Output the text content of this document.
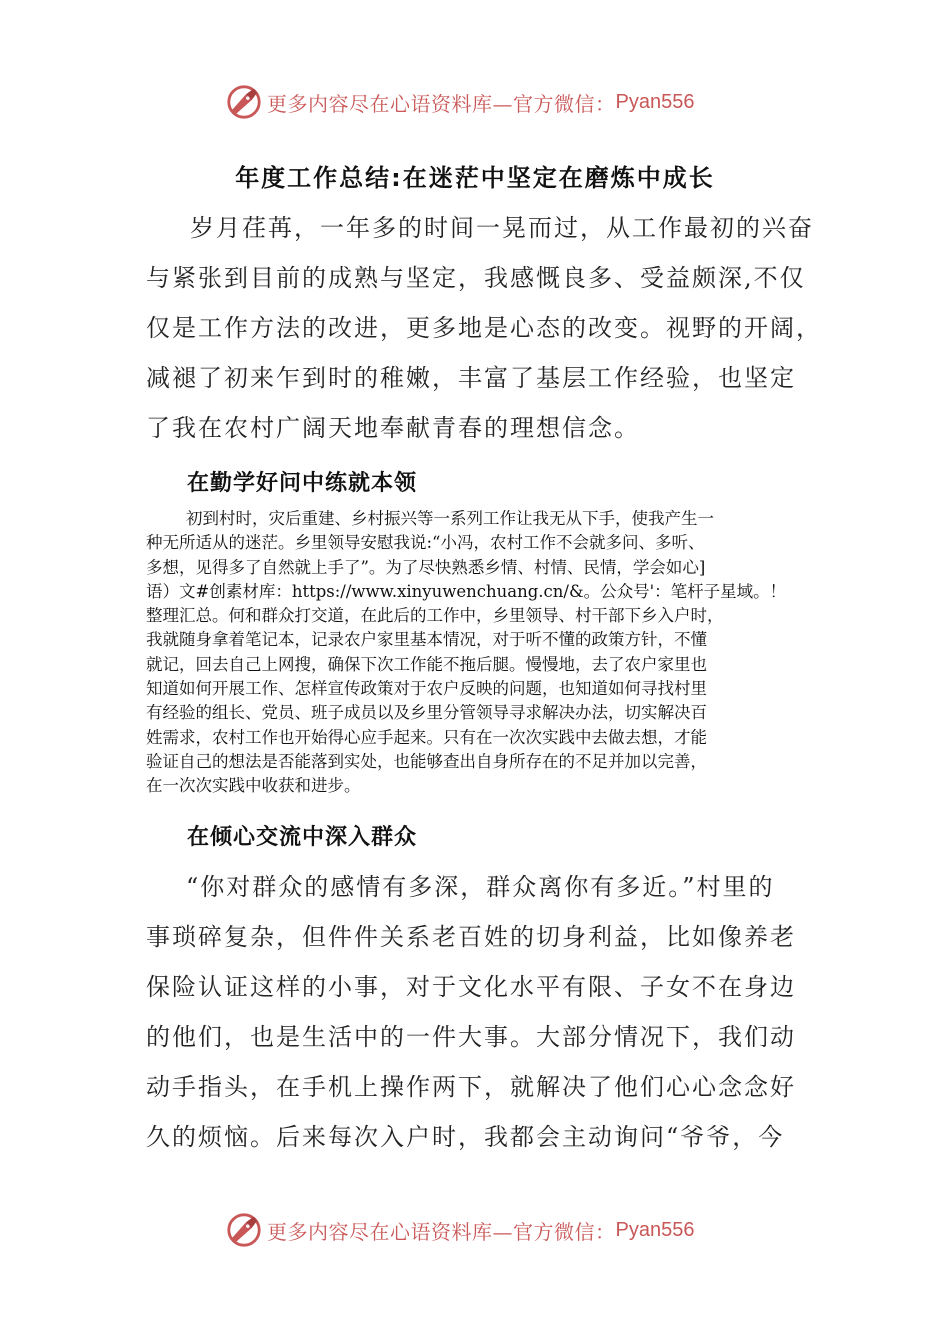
更多内容尽在心语资料库—官方微信： Pyan556
年度工作总结:在迷茫中坚定在磨炼中成长
岁月荏苒，一年多的时间一晃而过，从工作最初的兴奋
与紧张到目前的成熟与坚定，我感慨良多、受益颇深,不仅
仅是工作方法的改进，更多地是心态的改变。视野的开阔，
减褪了初来乍到时的稚嫩，丰富了基层工作经验，也坚定
了我在农村广阔天地奉献青春的理想信念。
在勤学好问中练就本领
初到村时，灾后重建、乡村振兴等一系列工作让我无从下手，使我产生一
种无所适从的迷茫。乡里领导安慰我说:“小冯，农村工作不会就多问、多听、
多想，见得多了自然就上手了”。为了尽快熟悉乡情、村情、民情，学会如心]
语）文#创素材库：https://www.xinyuwenchuang.cn/&。公众号'：笔杆子星域。！
整理汇总。何和群众打交道，在此后的工作中，乡里领导、村干部下乡入户时，
我就随身拿着笔记本，记录农户家里基本情况，对于听不懂的政策方针，不懂
就记，回去自己上网搜，确保下次工作能不拖后腿。慢慢地，去了农户家里也
知道如何开展工作、怎样宣传政策对于农户反映的问题，也知道如何寻找村里
有经验的组长、党员、班子成员以及乡里分管领导寻求解决办法，切实解决百
姓需求，农村工作也开始得心应手起来。只有在一次次实践中去做去想，才能
验证自己的想法是否能落到实处，也能够查出自身所存在的不足并加以完善，
在一次次实践中收获和进步。
在倾心交流中深入群众
“你对群众的感情有多深，群众离你有多近。”村里的
事琐碎复杂，但件件关系老百姓的切身利益，比如像养老
保险认证这样的小事，对于文化水平有限、子女不在身边
的他们，也是生活中的一件大事。大部分情况下，我们动
动手指头，在手机上操作两下，就解决了他们心心念念好
久的烦恼。后来每次入户时，我都会主动询问“爷爷，今
更多内容尽在心语资料库—官方微信： Pyan556
